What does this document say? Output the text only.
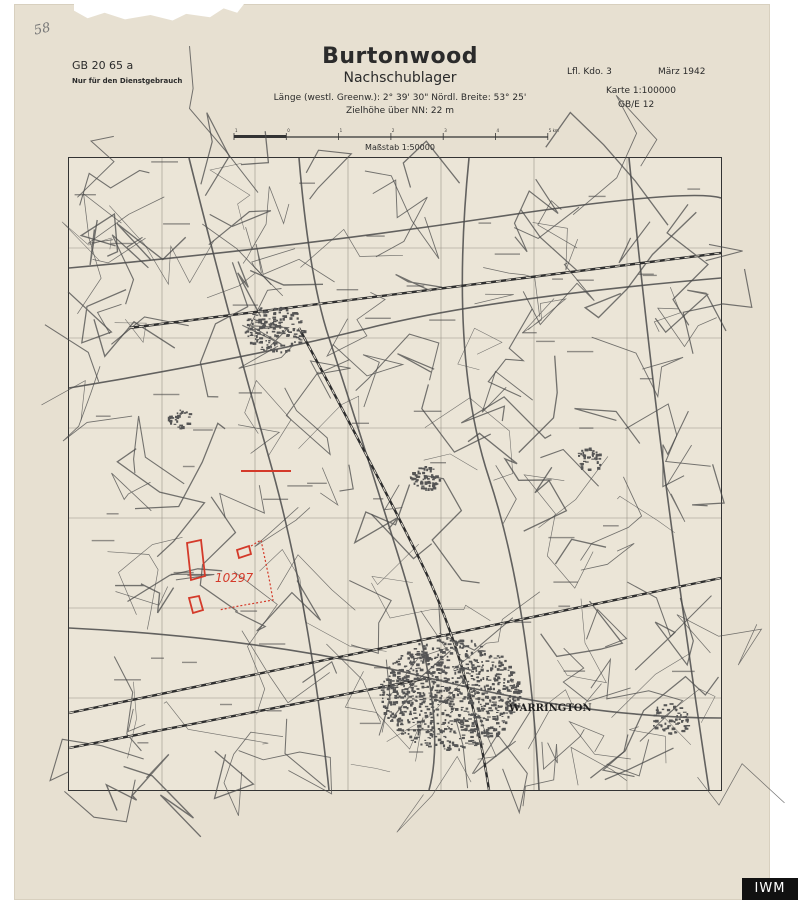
58
GB 20 65 a
Nur für den Dienstgebrauch
Burtonwood
Nachschublager
Länge (westl. Greenw.): 2° 39' 30" Nördl. Breite: 53° 25'
Zielhöhe über NN: 22 m
Lfl. Kdo. 3	März 1942
Karte 1:100000
GB/E 12
1	0	1	2	3	4	5 km
Maßstab 1:50000
WARRINGTON
10297
IWM
